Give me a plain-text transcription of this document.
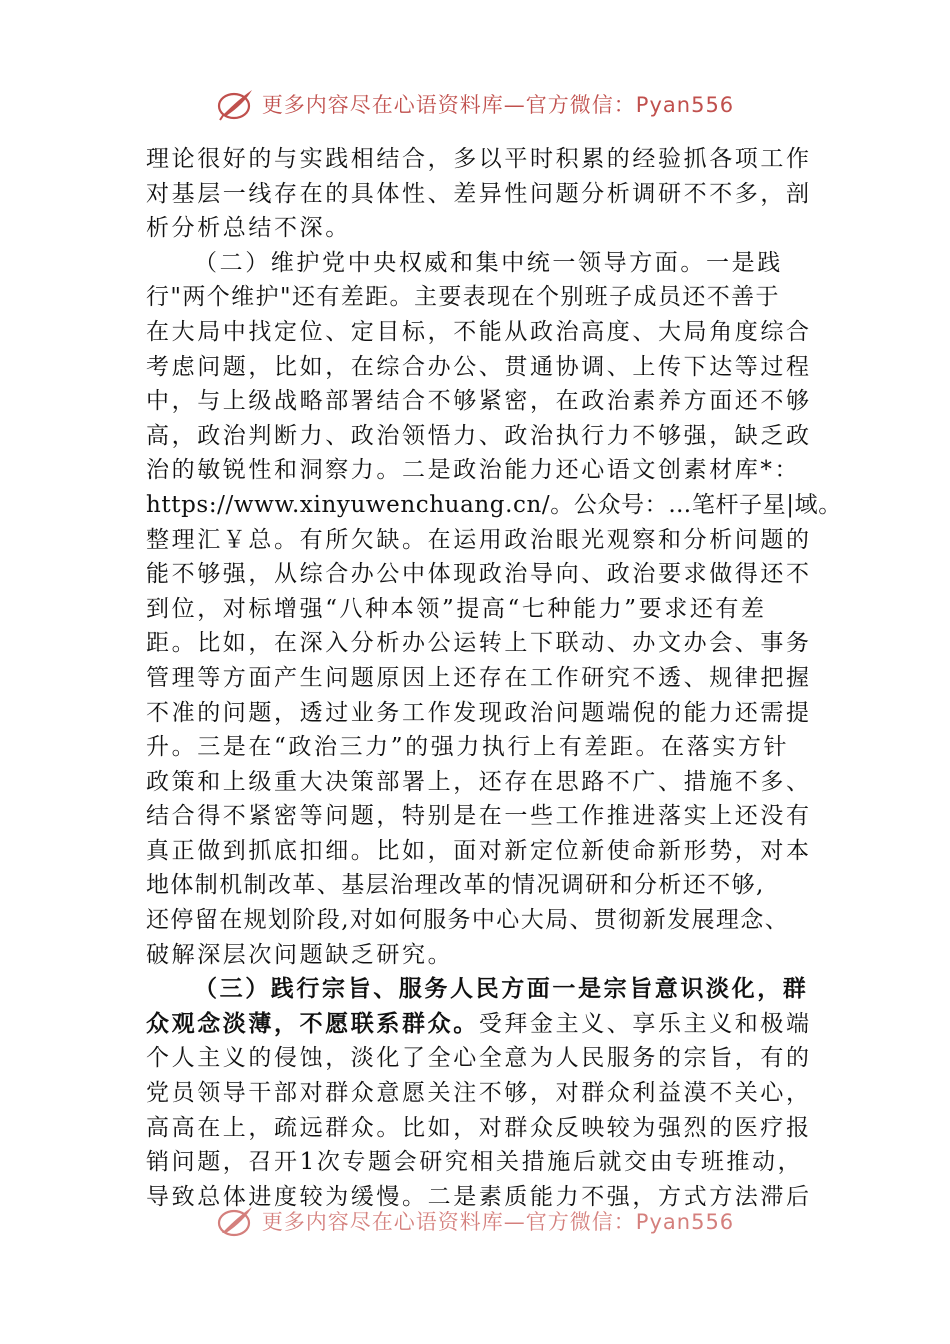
更多内容尽在心语资料库—官方微信：Pyan556
理论很好的与实践相结合，多以平时积累的经验抓各项工作
对基层一线存在的具体性、差异性问题分析调研不不多，剖
析分析总结不深。
（二）维护党中央权威和集中统一领导方面。一是践
行"两个维护"还有差距。主要表现在个别班子成员还不善于
在大局中找定位、定目标，不能从政治高度、大局角度综合
考虑问题，比如，在综合办公、贯通协调、上传下达等过程
中，与上级战略部署结合不够紧密，在政治素养方面还不够
高，政治判断力、政治领悟力、政治执行力不够强，缺乏政
治的敏锐性和洞察力。二是政治能力还心语文创素材库*：
https://www.xinyuwenchuang.cn/。公众号：…笔杆子星|域。
整理汇￥总。有所欠缺。在运用政治眼光观察和分析问题的
能不够强，从综合办公中体现政治导向、政治要求做得还不
到位，对标增强“八种本领”提高“七种能力”要求还有差
距。比如，在深入分析办公运转上下联动、办文办会、事务
管理等方面产生问题原因上还存在工作研究不透、规律把握
不准的问题，透过业务工作发现政治问题端倪的能力还需提
升。三是在“政治三力”的强力执行上有差距。在落实方针
政策和上级重大决策部署上，还存在思路不广、措施不多、
结合得不紧密等问题，特别是在一些工作推进落实上还没有
真正做到抓底扣细。比如，面对新定位新使命新形势，对本
地体制机制改革、基层治理改革的情况调研和分析还不够,
还停留在规划阶段,对如何服务中心大局、贯彻新发展理念、
破解深层次问题缺乏研究。
（三）践行宗旨、服务人民方面一是宗旨意识淡化，群
众观念淡薄，不愿联系群众。受拜金主义、享乐主义和极端
个人主义的侵蚀，淡化了全心全意为人民服务的宗旨，有的
党员领导干部对群众意愿关注不够，对群众利益漠不关心，
高高在上，疏远群众。比如，对群众反映较为强烈的医疗报
销问题，召开1次专题会研究相关措施后就交由专班推动，
导致总体进度较为缓慢。二是素质能力不强，方式方法滞后
更多内容尽在心语资料库—官方微信：Pyan556
